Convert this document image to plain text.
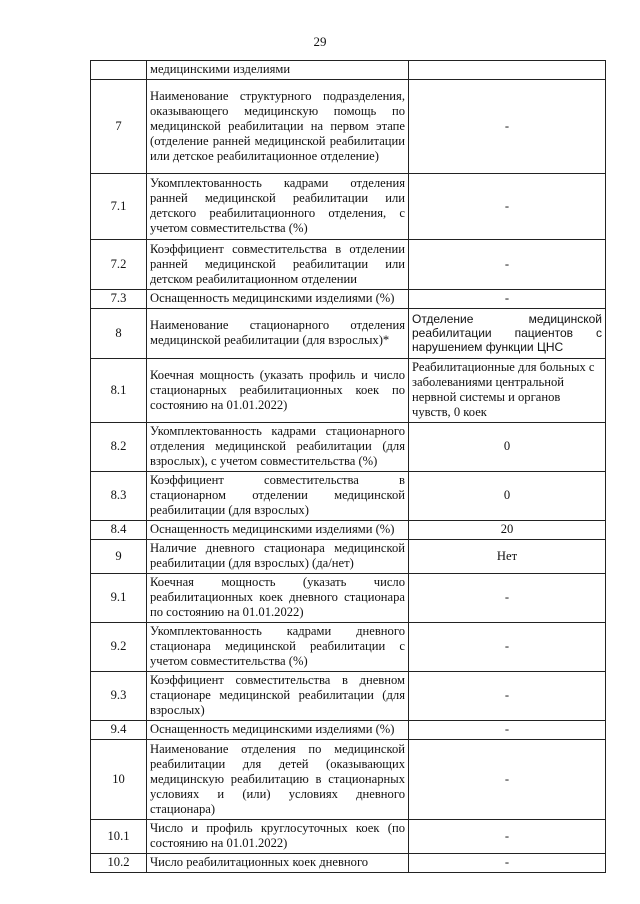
29
	медицинскими изделиями	
7	Наименование структурного подразделения, оказывающего медицинскую помощь по медицинской реабилитации на первом этапе (отделение ранней медицинской реабилитации или детское реабилитационное отделение)	-
7.1	Укомплектованность кадрами отделения ранней медицинской реабилитации или детского реабилитационного отделения, с учетом совместительства (%)	-
7.2	Коэффициент совместительства в отделении ранней медицинской реабилитации или детском реабилитационном отделении	-
7.3	Оснащенность медицинскими изделиями (%)	-
8	Наименование стационарного отделения медицинской реабилитации (для взрослых)*	Отделение медицинской реабилитации пациентов с нарушением функции ЦНС
8.1	Коечная мощность (указать профиль и число стационарных реабилитационных коек по состоянию на 01.01.2022)	Реабилитационные для больных с заболеваниями центральной нервной системы и органов чувств, 0 коек
8.2	Укомплектованность кадрами стационарного отделения медицинской реабилитации (для взрослых), с учетом совместительства (%)	0
8.3	Коэффициент совместительства в стационарном отделении медицинской реабилитации (для взрослых)	0
8.4	Оснащенность медицинскими изделиями (%)	20
9	Наличие дневного стационара медицинской реабилитации (для взрослых) (да/нет)	Нет
9.1	Коечная мощность (указать число реабилитационных коек дневного стационара по состоянию на 01.01.2022)	-
9.2	Укомплектованность кадрами дневного стационара медицинской реабилитации с учетом совместительства (%)	-
9.3	Коэффициент совместительства в дневном стационаре медицинской реабилитации (для взрослых)	-
9.4	Оснащенность медицинскими изделиями (%)	-
10	Наименование отделения по медицинской реабилитации для детей (оказывающих медицинскую реабилитацию в стационарных условиях и (или) условиях дневного стационара)	-
10.1	Число и профиль круглосуточных коек (по состоянию на 01.01.2022)	-
10.2	Число реабилитационных коек дневного	-
